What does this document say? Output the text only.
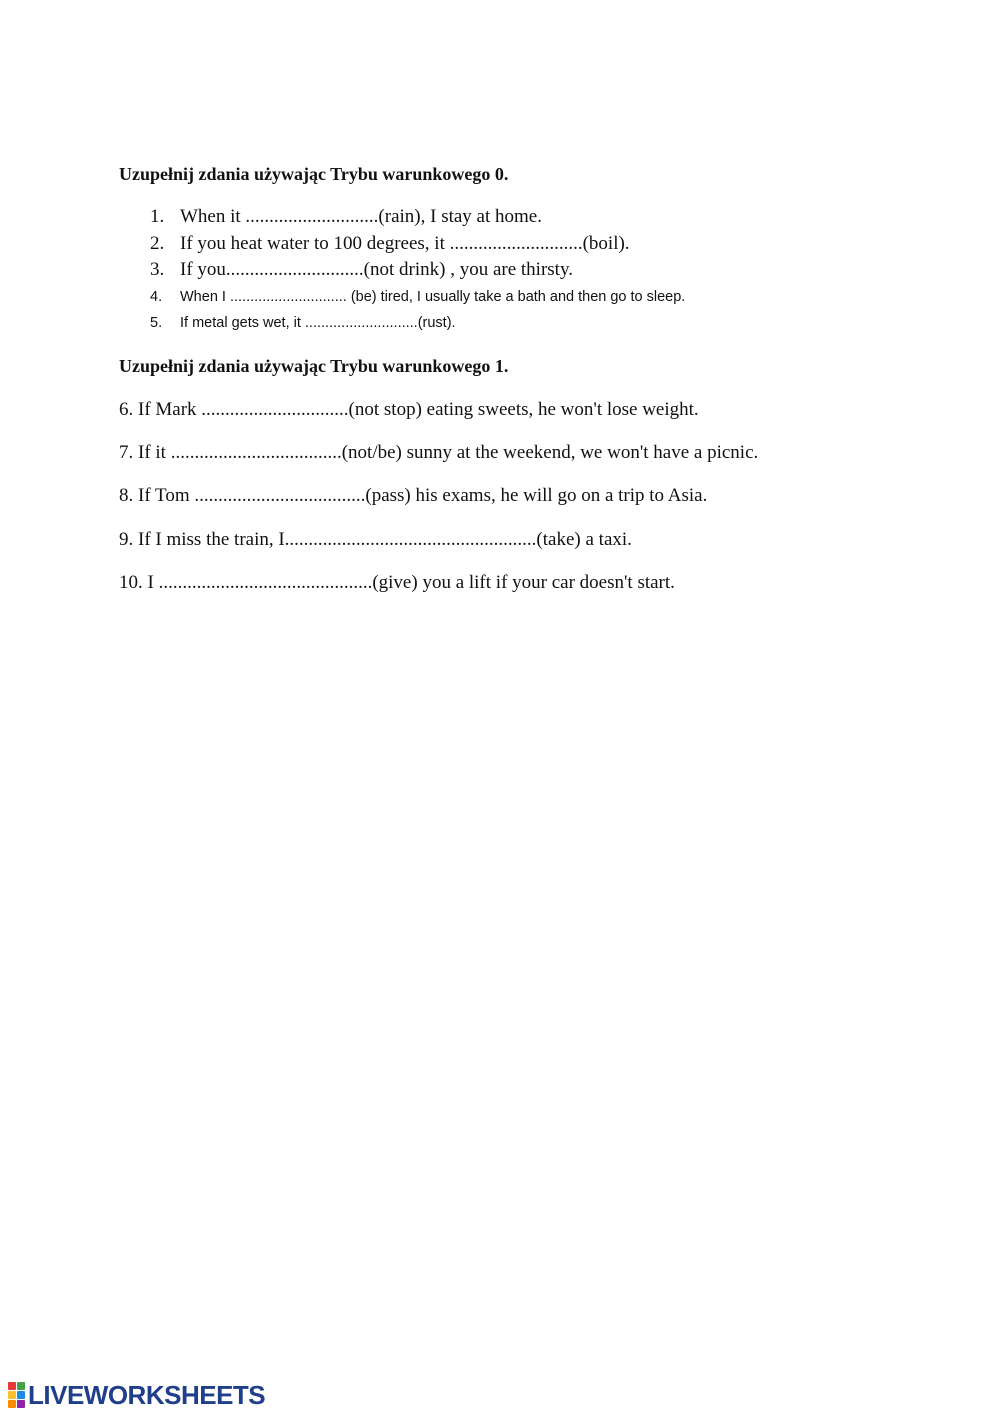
Uzupełnij zdania używając Trybu warunkowego 0.
1. When it ............................(rain), I stay at home.
2. If you heat water to 100 degrees, it ............................(boil).
3. If you.............................(not drink) , you are thirsty.
4.	When I ............................. (be) tired, I usually take a bath and then go to sleep.
5.	If metal gets wet, it ............................(rust).
Uzupełnij zdania używając Trybu warunkowego 1.
6. If Mark ...............................(not stop) eating sweets, he won't lose weight.
7. If it ....................................(not/be) sunny at the weekend, we won't have a picnic.
8. If Tom ....................................(pass) his exams, he will go on a trip to Asia.
9. If I miss the train, I.....................................................(take) a taxi.
10. I .............................................(give) you a lift if your car doesn't start.
LIVEWORKSHEETS
